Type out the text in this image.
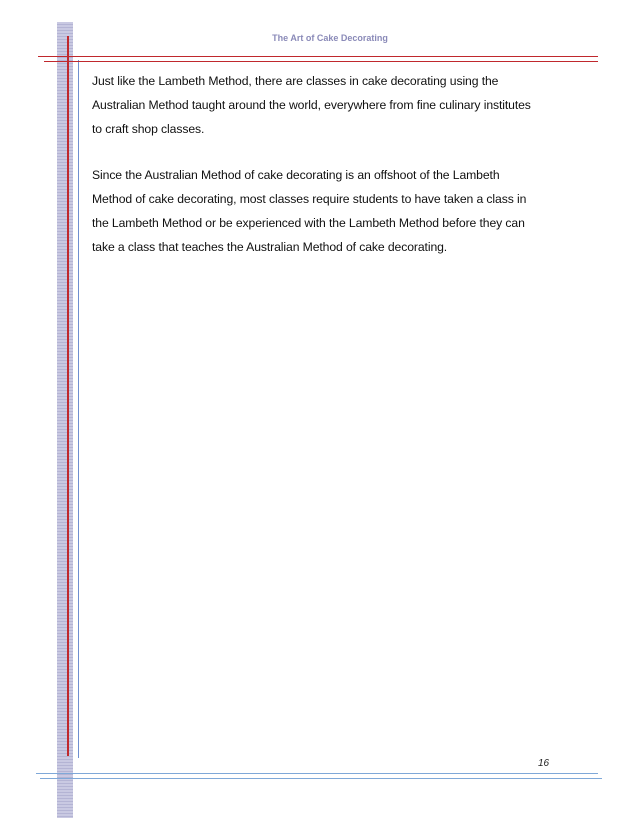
The Art of Cake Decorating

Just like the Lambeth Method, there are classes in cake decorating using the
Australian Method taught around the world, everywhere from fine culinary institutes
to craft shop classes.

Since the Australian Method of cake decorating is an offshoot of the Lambeth
Method of cake decorating, most classes require students to have taken a class in
the Lambeth Method or be experienced with the Lambeth Method before they can
take a class that teaches the Australian Method of cake decorating.

16
